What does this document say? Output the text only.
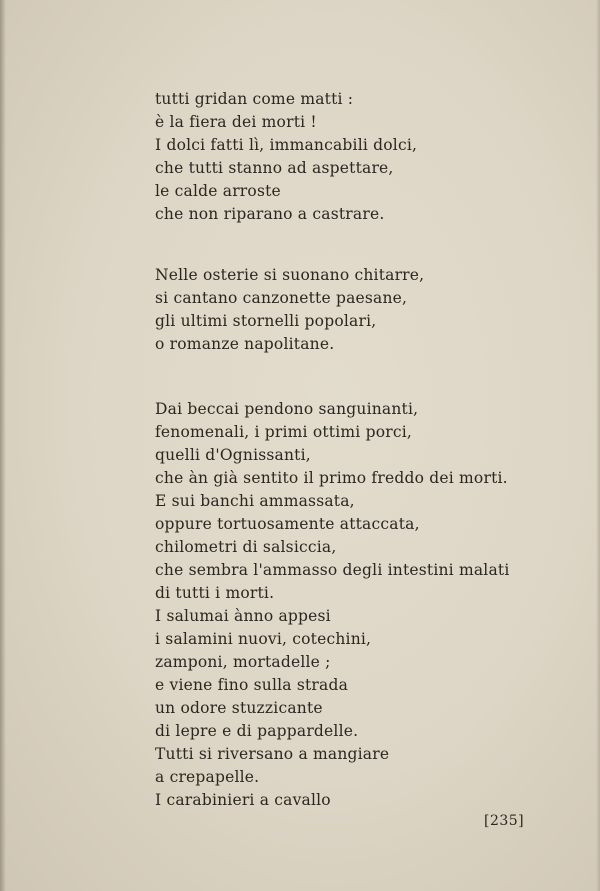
tutti gridan come matti :
è la fiera dei morti !
I dolci fatti lì, immancabili dolci,
che tutti stanno ad aspettare,
le calde arroste
che non riparano a castrare.
Nelle osterie si suonano chitarre,
si cantano canzonette paesane,
gli ultimi stornelli popolari,
o romanze napolitane.
Dai beccai pendono sanguinanti,
fenomenali, i primi ottimi porci,
quelli d'Ognissanti,
che àn già sentito il primo freddo dei morti.
E sui banchi ammassata,
oppure tortuosamente attaccata,
chilometri di salsiccia,
che sembra l'ammasso degli intestini malati
di tutti i morti.
I salumai ànno appesi
i salamini nuovi, cotechini,
zamponi, mortadelle ;
e viene fino sulla strada
un odore stuzzicante
di lepre e di pappardelle.
Tutti si riversano a mangiare
a crepapelle.
I carabinieri a cavallo
[235]
